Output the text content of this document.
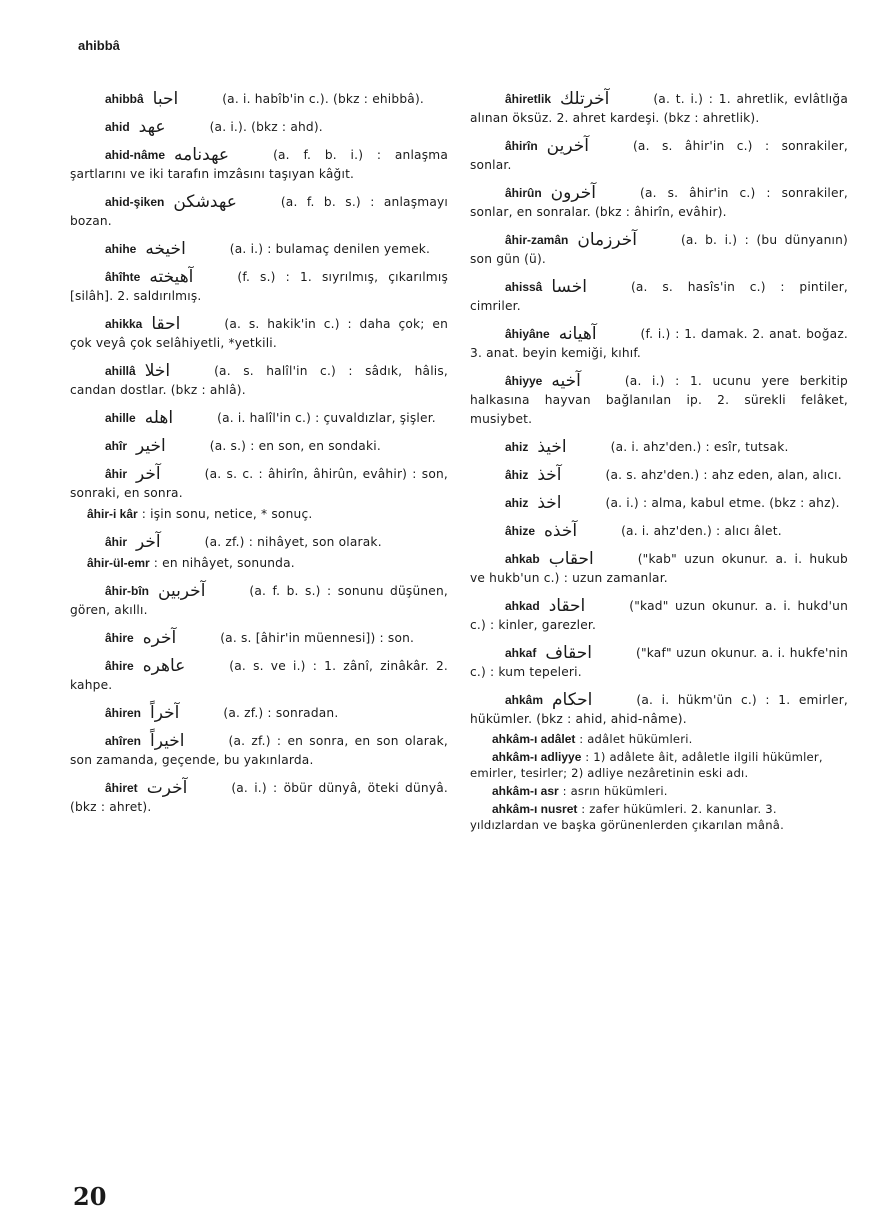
ahibbâ
ahibbâ احبا	(a. i. habîb'in c.). (bkz : ehibbâ).
ahid عهد	(a. i.). (bkz : ahd).
ahid-nâme عهدنامه	(a. f. b. i.) : anlaşma şartlarını ve iki tarafın imzâsını taşıyan kâğıt.
ahid-şiken عهدشکن	(a. f. b. s.) : anlaşmayı bozan.
ahihe اخيخه	(a. i.) : bulamaç denilen yemek.
âhîhte آهيخته	(f. s.) : 1. sıyrılmış, çıkarılmış [silâh]. 2. saldırılmış.
ahikka احقا	(a. s. hakik'in c.) : daha çok; en çok veyâ çok selâhiyetli, *yetkili.
ahillâ اخلا	(a. s. halîl'in c.) : sâdık, hâlis, candan dostlar. (bkz : ahlâ).
ahille اهله	(a. i. halîl'in c.) : çuvaldızlar, şişler.
ahîr اخير	(a. s.) : en son, en sondaki.
âhir آخر	(a. s. c. : âhirîn, âhirûn, evâhir) : son, sonraki, en sonra.
âhir-i kâr : işin sonu, netice, * sonuç.
âhir آخر	(a. zf.) : nihâyet, son olarak.
âhir-ül-emr : en nihâyet, sonunda.
âhir-bîn آخربين	(a. f. b. s.) : sonunu düşünen, gören, akıllı.
âhire آخره	(a. s. [âhir'in müennesi]) : son.
âhire عاهره	(a. s. ve i.) : 1. zânî, zinâkâr. 2. kahpe.
âhiren آخراً	(a. zf.) : sonradan.
ahîren اخيراً	(a. zf.) : en sonra, en son olarak, son zamanda, geçende, bu yakınlarda.
âhiret آخرت	(a. i.) : öbür dünyâ, öteki dünyâ. (bkz : ahret).
âhiretlik آخرتلك	(a. t. i.) : 1. ahretlik, evlâtlığa alınan öksüz. 2. ahret kardeşi. (bkz : ahretlik).
âhirîn آخرين	(a. s. âhir'in c.) : sonrakiler, sonlar.
âhirûn آخرون	(a. s. âhir'in c.) : sonrakiler, sonlar, en sonralar. (bkz : âhirîn, evâhir).
âhir-zamân آخرزمان	(a. b. i.) : (bu dünyanın) son gün (ü).
ahissâ اخسا	(a. s. hasîs'in c.) : pintiler, cimriler.
âhiyâne آهيانه	(f. i.) : 1. damak. 2. anat. boğaz. 3. anat. beyin kemiği, kıhıf.
âhiyye آخيه	(a. i.) : 1. ucunu yere berkitip halkasına hayvan bağlanılan ip. 2. sürekli felâket, musiybet.
ahiz اخيذ	(a. i. ahz'den.) : esîr, tutsak.
âhiz آخذ	(a. s. ahz'den.) : ahz eden, alan, alıcı.
ahiz اخذ	(a. i.) : alma, kabul etme. (bkz : ahz).
âhize آخذه	(a. i. ahz'den.) : alıcı âlet.
ahkab احقاب	("kab" uzun okunur. a. i. hukub ve hukb'un c.) : uzun zamanlar.
ahkad احقاد	("kad" uzun okunur. a. i. hukd'un c.) : kinler, garezler.
ahkaf احقاف	("kaf" uzun okunur. a. i. hukfe'nin c.) : kum tepeleri.
ahkâm احكام	(a. i. hükm'ün c.) : 1. emirler, hükümler. (bkz : ahid, ahid-nâme).
ahkâm-ı adâlet : adâlet hükümleri.
ahkâm-ı adliyye : 1) adâlete âit, adâletle ilgili hükümler, emirler, tesirler; 2) adliye nezâretinin eski adı.
ahkâm-ı asr : asrın hükümleri.
ahkâm-ı nusret : zafer hükümleri. 2. kanunlar. 3. yıldızlardan ve başka görünenlerden çıkarılan mânâ.
20
